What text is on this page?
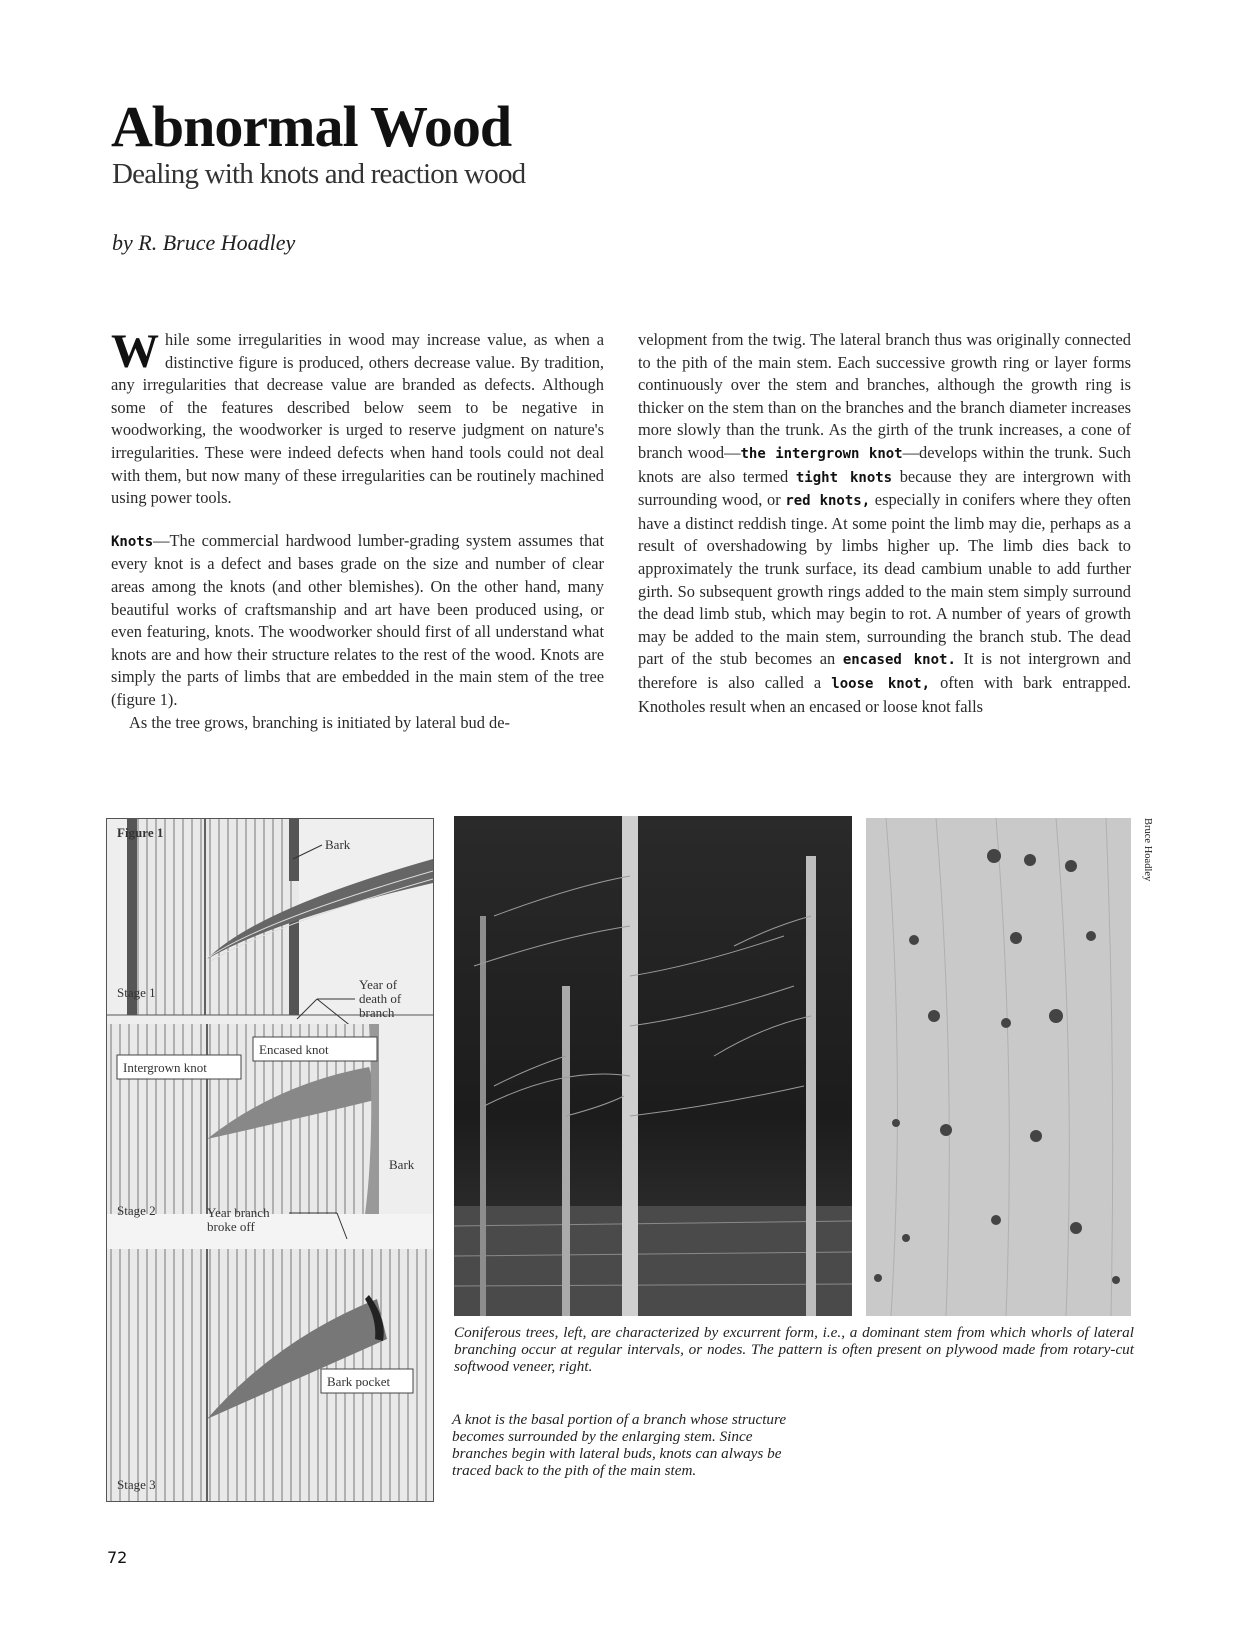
Abnormal Wood
Dealing with knots and reaction wood
by R. Bruce Hoadley

While some irregularities in wood may increase value, as when a distinctive figure is produced, others decrease value. By tradition, any irregularities that decrease value are branded as defects. Although some of the features described below seem to be negative in woodworking, the woodworker is urged to reserve judgment on nature's irregularities. These were indeed defects when hand tools could not deal with them, but now many of these irregularities can be routinely machined using power tools.

Knots—The commercial hardwood lumber-grading system assumes that every knot is a defect and bases grade on the size and number of clear areas among the knots (and other blemishes). On the other hand, many beautiful works of craftsmanship and art have been produced using, or even featuring, knots. The woodworker should first of all understand what knots are and how their structure relates to the rest of the wood. Knots are simply the parts of limbs that are embedded in the main stem of the tree (figure 1).

As the tree grows, branching is initiated by lateral bud de-

velopment from the twig. The lateral branch thus was originally connected to the pith of the main stem. Each successive growth ring or layer forms continuously over the stem and branches, although the growth ring is thicker on the stem than on the branches and the branch diameter increases more slowly than the trunk. As the girth of the trunk increases, a cone of branch wood—the intergrown knot—develops within the trunk. Such knots are also termed tight knots because they are intergrown with surrounding wood, or red knots, especially in conifers where they often have a distinct reddish tinge. At some point the limb may die, perhaps as a result of overshadowing by limbs higher up. The limb dies back to approximately the trunk surface, its dead cambium unable to add further girth. So subsequent growth rings added to the main stem simply surround the dead limb stub, which may begin to rot. A number of years of growth may be added to the main stem, surrounding the branch stub. The dead part of the stub becomes an encased knot. It is not intergrown and therefore is also called a loose knot, often with bark entrapped. Knotholes result when an encased or loose knot falls

Figure 1
Bark
Stage 1
Year of
death of
branch
Encased knot
Intergrown knot
Bark
Stage 2	Year branch
broke off
Bark pocket
Stage 3
Bruce Hoadley

Coniferous trees, left, are characterized by excurrent form, i.e., a dominant stem from which whorls of lateral branching occur at regular intervals, or nodes. The pattern is often present on plywood made from rotary-cut softwood veneer, right.

A knot is the basal portion of a branch whose structure becomes surrounded by the enlarging stem. Since branches begin with lateral buds, knots can always be traced back to the pith of the main stem.

72
